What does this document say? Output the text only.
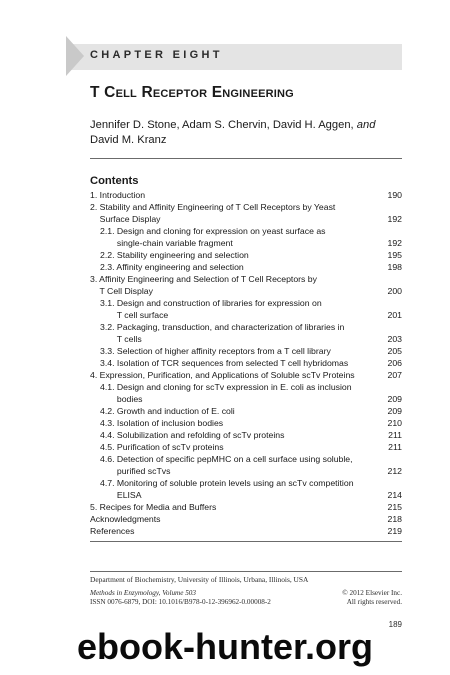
CHAPTER EIGHT
T Cell Receptor Engineering
Jennifer D. Stone, Adam S. Chervin, David H. Aggen, and
David M. Kranz
Contents
1. Introduction	190
2. Stability and Affinity Engineering of T Cell Receptors by Yeast
Surface Display	192
2.1. Design and cloning for expression on yeast surface as
single-chain variable fragment	192
2.2. Stability engineering and selection	195
2.3. Affinity engineering and selection	198
3. Affinity Engineering and Selection of T Cell Receptors by
T Cell Display	200
3.1. Design and construction of libraries for expression on
T cell surface	201
3.2. Packaging, transduction, and characterization of libraries in
T cells	203
3.3. Selection of higher affinity receptors from a T cell library	205
3.4. Isolation of TCR sequences from selected T cell hybridomas	206
4. Expression, Purification, and Applications of Soluble scTv Proteins	207
4.1. Design and cloning for scTv expression in E. coli as inclusion
bodies	209
4.2. Growth and induction of E. coli	209
4.3. Isolation of inclusion bodies	210
4.4. Solubilization and refolding of scTv proteins	211
4.5. Purification of scTv proteins	211
4.6. Detection of specific pepMHC on a cell surface using soluble,
purified scTvs	212
4.7. Monitoring of soluble protein levels using an scTv competition
ELISA	214
5. Recipes for Media and Buffers	215
Acknowledgments	218
References	219
Department of Biochemistry, University of Illinois, Urbana, Illinois, USA
Methods in Enzymology, Volume 503	© 2012 Elsevier Inc.
ISSN 0076-6879, DOI: 10.1016/B978-0-12-396962-0.00008-2	All rights reserved.
189
ebook-hunter.org
